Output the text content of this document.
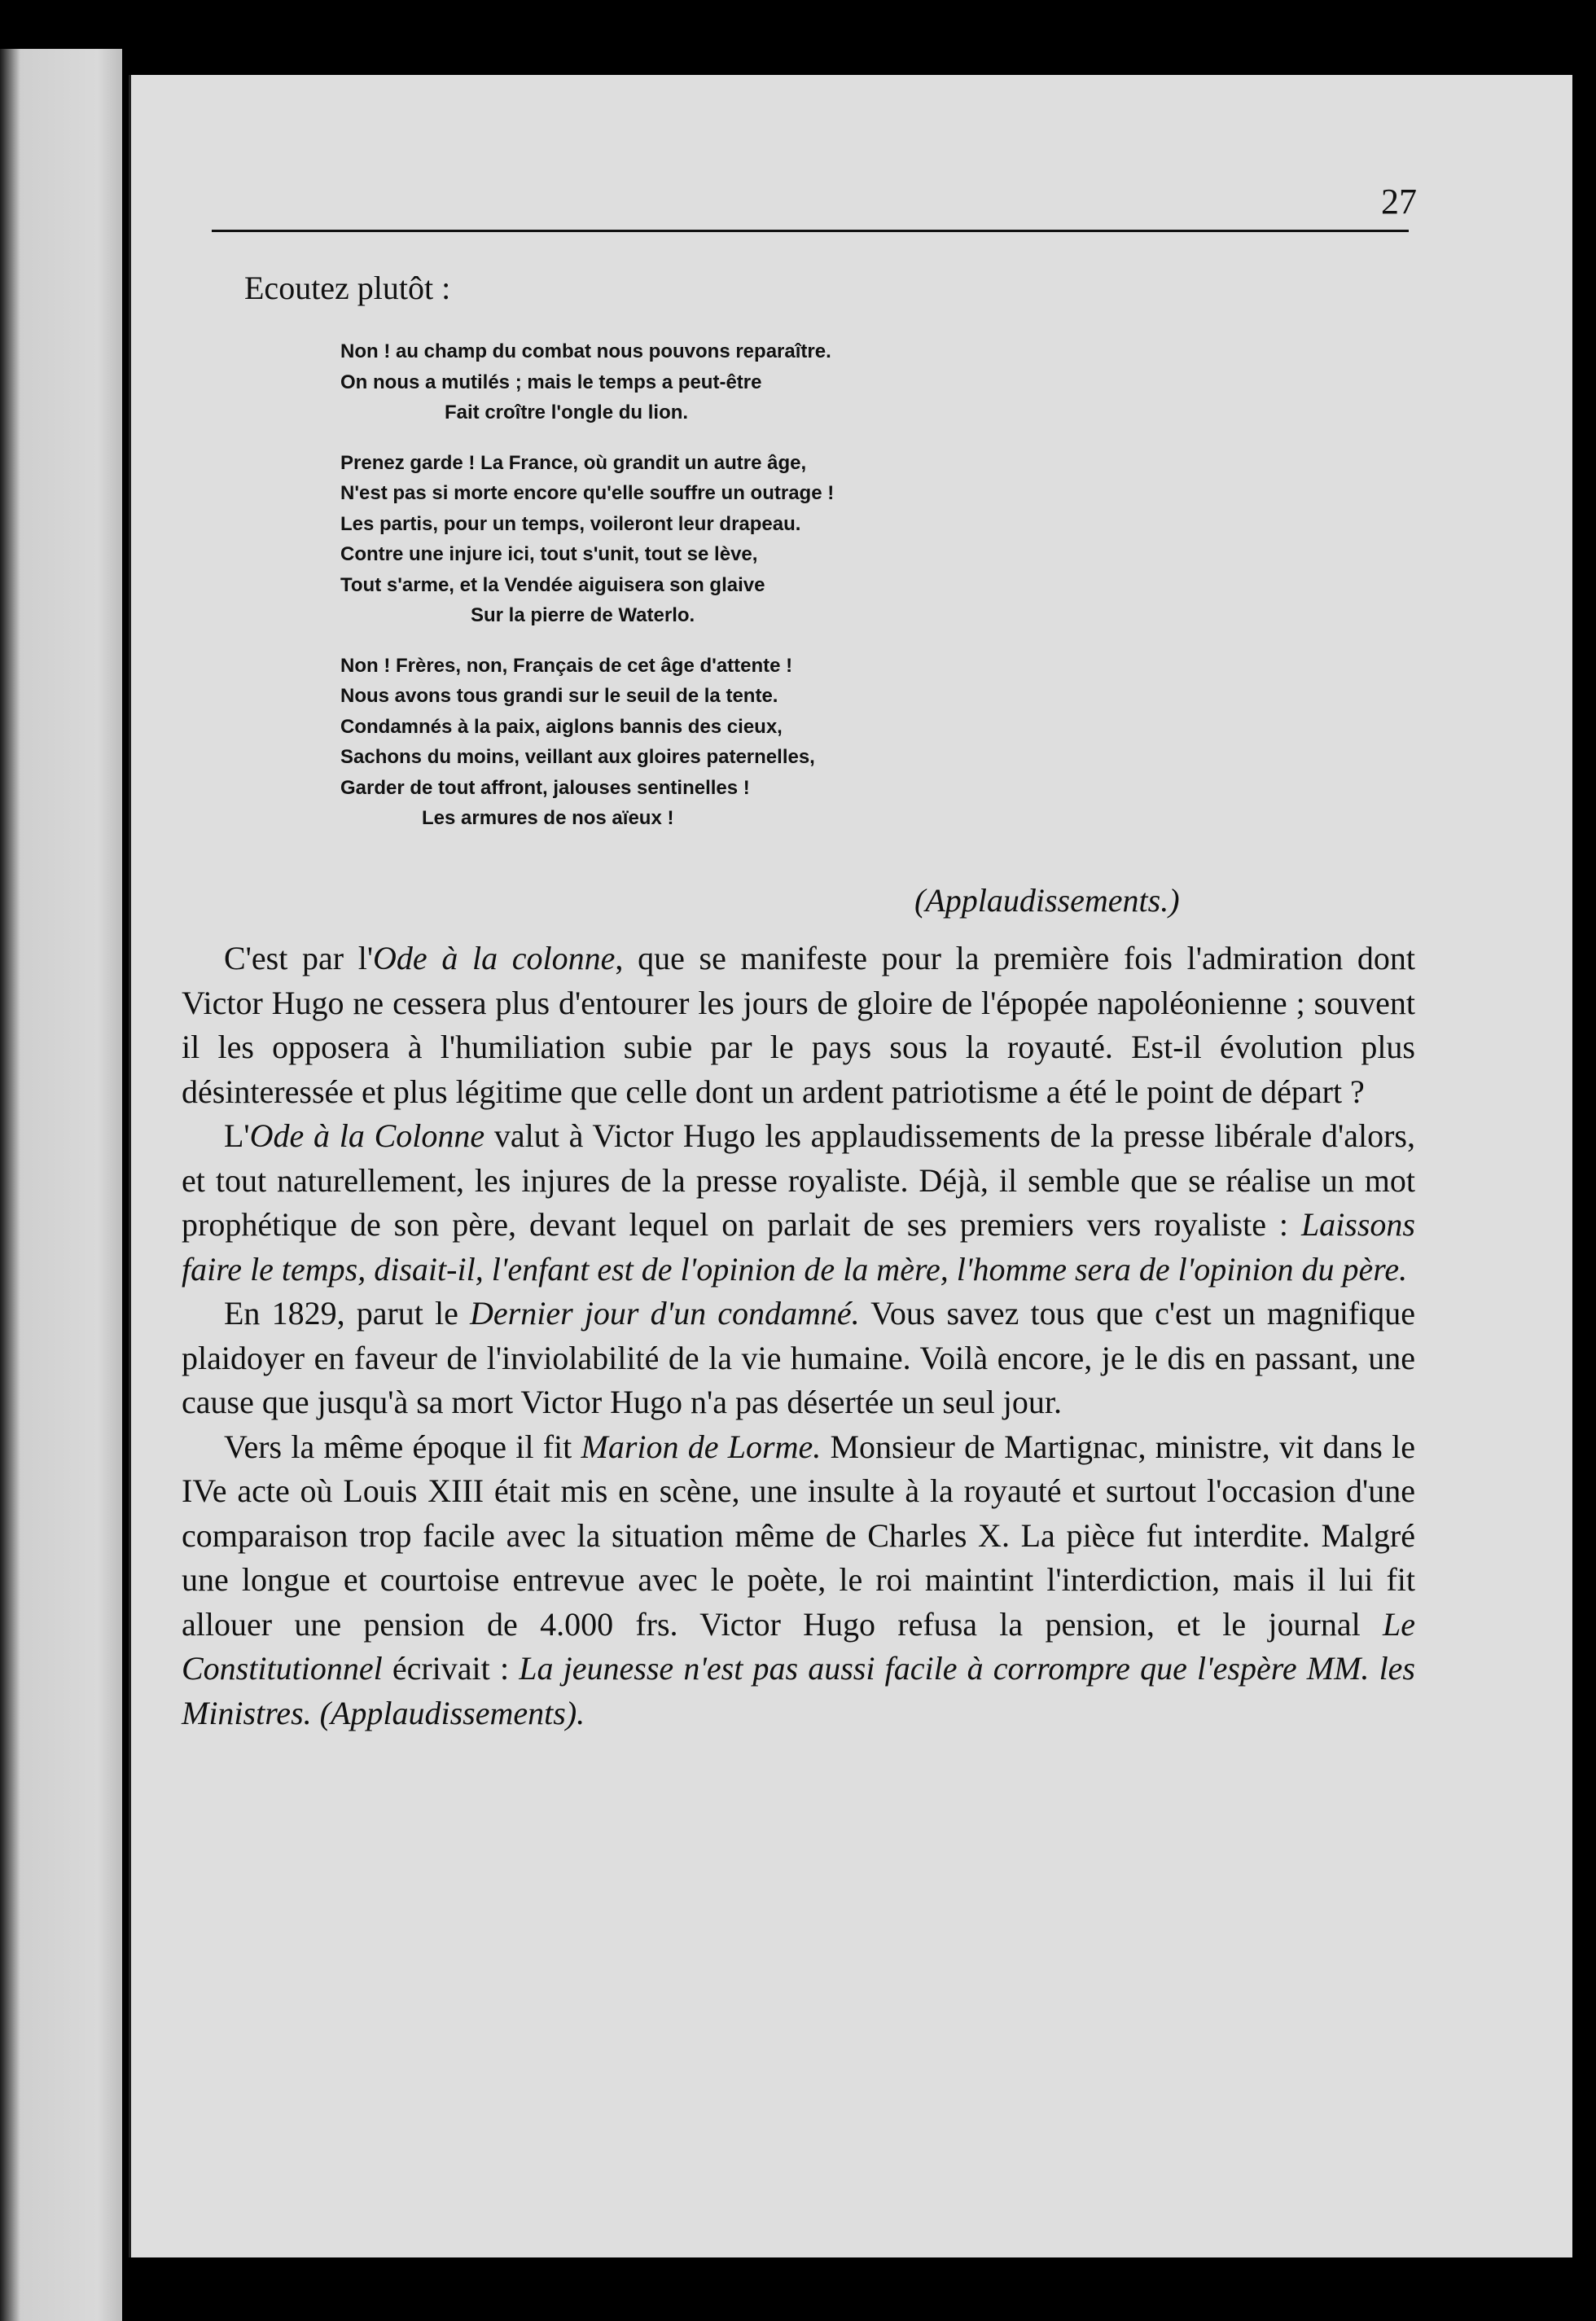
27
Ecoutez plutôt :
Non ! au champ du combat nous pouvons reparaître.
On nous a mutilés ; mais le temps a peut-être
Fait croître l'ongle du lion.
Prenez garde ! La France, où grandit un autre âge,
N'est pas si morte encore qu'elle souffre un outrage !
Les partis, pour un temps, voileront leur drapeau.
Contre une injure ici, tout s'unit, tout se lève,
Tout s'arme, et la Vendée aiguisera son glaive
Sur la pierre de Waterlo.
Non ! Frères, non, Français de cet âge d'attente !
Nous avons tous grandi sur le seuil de la tente.
Condamnés à la paix, aiglons bannis des cieux,
Sachons du moins, veillant aux gloires paternelles,
Garder de tout affront, jalouses sentinelles !
Les armures de nos aïeux !
(Applaudissements.)

C'est par l'Ode à la colonne, que se manifeste pour la première fois l'admiration dont Victor Hugo ne cessera plus d'entourer les jours de gloire de l'épopée napoléonienne ; souvent il les opposera à l'humiliation subie par le pays sous la royauté. Est-il évolution plus désinteressée et plus légitime que celle dont un ardent patriotisme a été le point de départ ?

L'Ode à la Colonne valut à Victor Hugo les applaudissements de la presse libérale d'alors, et tout naturellement, les injures de la presse royaliste. Déjà, il semble que se réalise un mot prophétique de son père, devant lequel on parlait de ses premiers vers royaliste : Laissons faire le temps, disait-il, l'enfant est de l'opinion de la mère, l'homme sera de l'opinion du père.

En 1829, parut le Dernier jour d'un condamné. Vous savez tous que c'est un magnifique plaidoyer en faveur de l'inviolabilité de la vie humaine. Voilà encore, je le dis en passant, une cause que jusqu'à sa mort Victor Hugo n'a pas désertée un seul jour.

Vers la même époque il fit Marion de Lorme. Monsieur de Martignac, ministre, vit dans le IVe acte où Louis XIII était mis en scène, une insulte à la royauté et surtout l'occasion d'une comparaison trop facile avec la situation même de Charles X. La pièce fut interdite. Malgré une longue et courtoise entrevue avec le poète, le roi maintint l'interdiction, mais il lui fit allouer une pension de 4.000 frs. Victor Hugo refusa la pension, et le journal Le Constitutionnel écrivait : La jeunesse n'est pas aussi facile à corrompre que l'espère MM. les Ministres. (Applaudissements).
